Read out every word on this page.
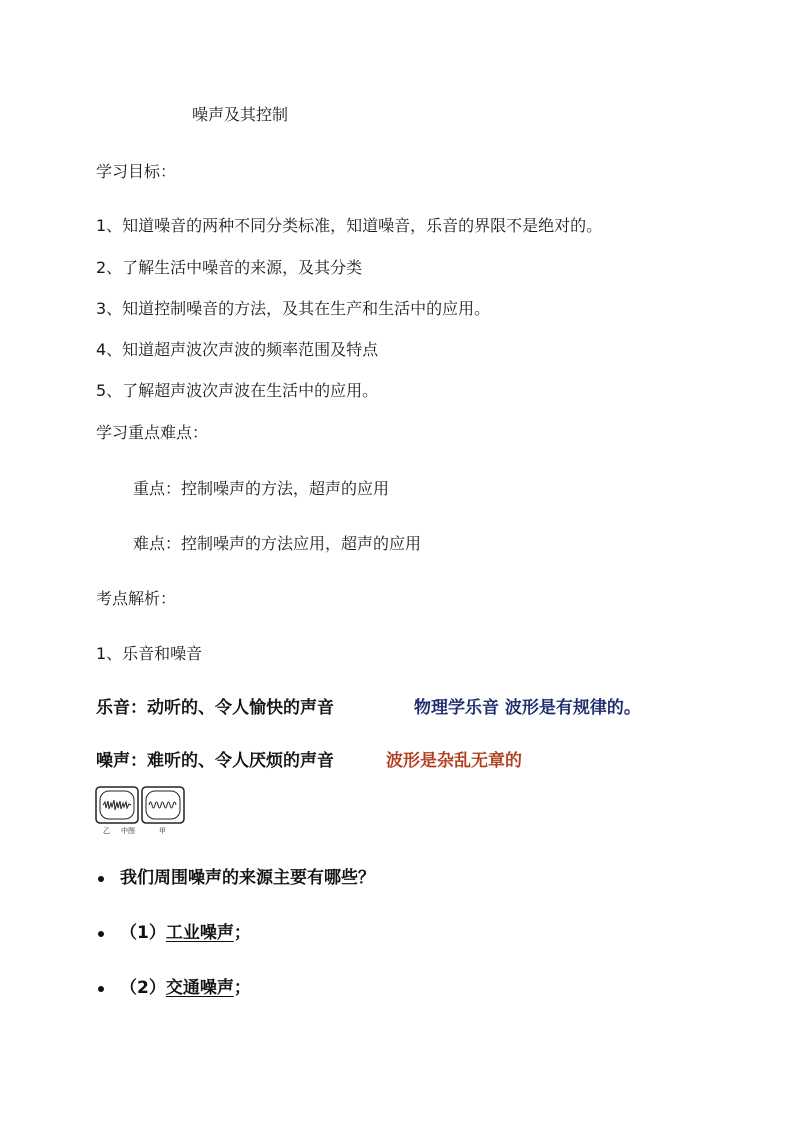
噪声及其控制
学习目标：
1、知道噪音的两种不同分类标准，知道噪音，乐音的界限不是绝对的。
2、了解生活中噪音的来源，及其分类
3、知道控制噪音的方法，及其在生产和生活中的应用。
4、知道超声波次声波的频率范围及特点
5、了解超声波次声波在生活中的应用。
学习重点难点：
重点：控制噪声的方法，超声的应用
难点：控制噪声的方法应用，超声的应用
考点解析：
1、乐音和噪音
乐音：动听的、令人愉快的声音	物理学乐音 波形是有规律的。
噪声：难听的、令人厌烦的声音	波形是杂乱无章的
乙 中图	甲
我们周围噪声的来源主要有哪些？
（1）工业噪声；
（2）交通噪声；
